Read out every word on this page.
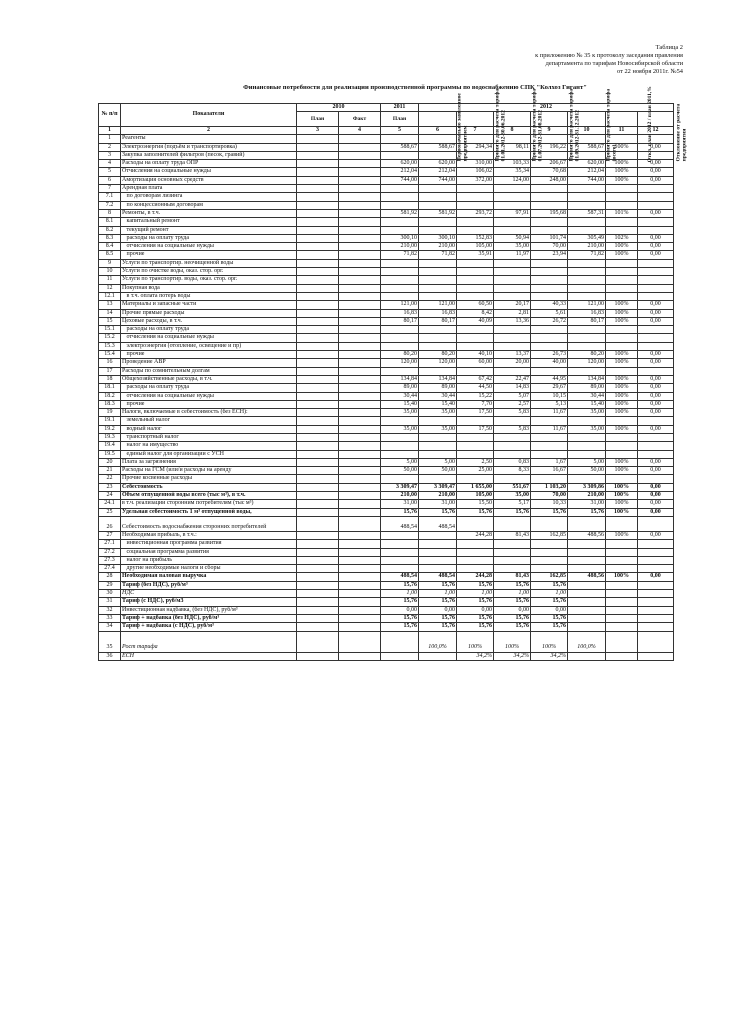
Таблица 2
к приложению № 35 к протоколу заседания правления
департамента по тарифам Новосибирской области
от 22 ноября 2011г. №54
Финансовые потребности для реализации производственной программы по водоснабжению СПК "Колхоз Гигант"
№ п/п	Показатели	2010		2011	2012						
		План	Факт	План	Первоначально заявленное предприятием	Принято для расчета тарифа 01.01.2012-30.06.2012	Принято для расчета тарифа 01.07.2012-31.08.2012	Принято для расчета тарифа 01.09.2012-31.12.2012	Принято для расчета тарифа (всего)	Откл. план 2012 / план 2011,%	Отклонение от расчета предприятия
1	2	3	4	5	6	7	8	9	10	11	12
1	Реагенты										
2	Электроэнергия (подъём и транспортировка)			588,67	588,67	294,34	98,11	196,22	588,67	100%	0,00
3	Закупка заполнителей фильтров (песок, гравий)										
4	Расходы на оплату труда ОПР			620,00	620,00	310,00	103,33	206,67	620,00	100%	0,00
5	Отчисления на социальные нужды			212,04	212,04	106,02	35,34	70,68	212,04	100%	0,00
6	Амортизация основных средств			744,00	744,00	372,00	124,00	248,00	744,00	100%	0,00
7	Арендная плата										
7.1	по договорам лизинга										
7.2	по концессионным договорам										
8	Ремонты, в т.ч.			581,92	581,92	293,72	97,91	195,68	587,31	101%	0,00
8.1	капитальный ремонт										
8.2	текущий ремонт										
8.3	расходы на оплату труда			300,10	300,10	152,83	50,94	101,74	305,49	102%	0,00
8.4	отчисления на социальные нужды			210,00	210,00	105,00	35,00	70,00	210,00	100%	0,00
8.5	прочие			71,82	71,82	35,91	11,97	23,94	71,82	100%	0,00
9	Услуги по транспортир. неочищенной воды										
10	Услуги по очистке воды, оказ. стор. орг.										
11	Услуги по транспортир. воды, оказ. стор. орг.										
12	Покупная вода										
12.1	в т.ч. оплата потерь воды										
13	Материалы и запасные части			121,00	121,00	60,50	20,17	40,33	121,00	100%	0,00
14	Прочие прямые расходы			16,83	16,83	8,42	2,81	5,61	16,83	100%	0,00
15	Цеховые расходы, в т.ч.			80,17	80,17	40,09	13,36	26,72	80,17	100%	0,00
15.1	расходы на оплату труда										
15.2	отчисления на социальные нужды										
15.3	электроэнергия (отопление, освещение и пр)										
15.4	прочие			80,20	80,20	40,10	13,37	26,73	80,20	100%	0,00
16	Проведение АВР			120,00	120,00	60,00	20,00	40,00	120,00	100%	0,00
17	Расходы по сомнительным долгам										
18	Общехозяйственные расходы, в т.ч.			134,84	134,84	67,42	22,47	44,95	134,84	100%	0,00
18.1	расходы на оплату труда			89,00	89,00	44,50	14,83	29,67	89,00	100%	0,00
18.2	отчисления на социальные нужды			30,44	30,44	15,22	5,07	10,15	30,44	100%	0,00
18.3	прочие			15,40	15,40	7,70	2,57	5,13	15,40	100%	0,00
19	Налоги, включаемые в себестоимость (без ЕСН):			35,00	35,00	17,50	5,83	11,67	35,00	100%	0,00
19.1	земельный налог										
19.2	водный налог			35,00	35,00	17,50	5,83	11,67	35,00	100%	0,00
19.3	транспортный налог										
19.4	налог на имущество										
19.5	единый налог для организации с УСН										
20	Плата за загрязнения			5,00	5,00	2,50	0,83	1,67	5,00	100%	0,00
21	Расходы на ГСМ (или/и расходы на аренду			50,00	50,00	25,00	8,33	16,67	50,00	100%	0,00
22	Прочие косвенные расходы										
23	Себестоимость			3 309,47	3 309,47	1 655,00	551,67	1 103,20	3 309,86	100%	0,00
24	Объем отпущенной воды всего (тыс м³), в т.ч.			210,00	210,00	105,00	35,00	70,00	210,00	100%	0,00
24.1	в т.ч. реализации сторонним потребителям (тыс м³)			31,00	31,00	15,50	5,17	10,33	31,00	100%	0,00
25	Удельная себестоимость 1 м³ отпущенной воды,			15,76	15,76	15,76	15,76	15,76	15,76	100%	0,00
26	Себестоимость водоснабжения сторонних потребителей			488,54	488,54						
27	Необходимая прибыль, в т.ч.:					244,28	81,43	162,85	488,56	100%	0,00
27.1	инвестиционная программа развития										
27.2	социальная программа развития										
27.3	налог на прибыль										
27.4	другие необходимые налоги и сборы										
28	Необходимая валовая выручка			488,54	488,54	244,28	81,43	162,85	488,56	100%	0,00
29	Тариф (без НДС), руб/м³			15,76	15,76	15,76	15,76	15,76			
30	НДС			1,00	1,00	1,00	1,00	1,00			
31	Тариф (с НДС), руб/м3			15,76	15,76	15,76	15,76	15,76			
32	Инвестиционная надбавка, (без НДС), руб/м³			0,00	0,00	0,00	0,00	0,00			
33	Тариф + надбавка (без НДС), руб/м³			15,76	15,76	15,76	15,76	15,76			
34	Тариф + надбавка (с НДС), руб/м³			15,76	15,76	15,76	15,76	15,76			
35	Рост тарифа				100,0%	100%	100%	100%	100,0%		
36	ЕСН					34,2%	34,2%	34,2%			
